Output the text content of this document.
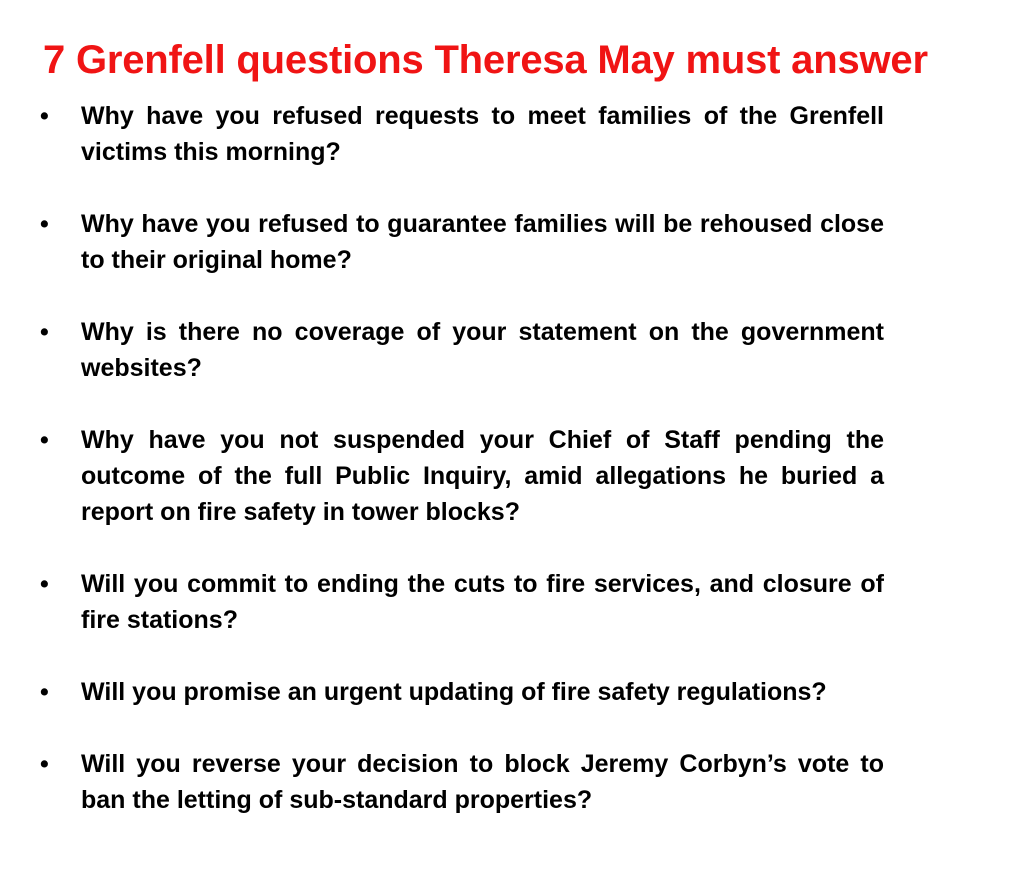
7 Grenfell questions Theresa May must answer
•	Why have you refused requests to meet families of the Grenfell victims this morning?

•	Why have you refused to guarantee families will be rehoused close to their original home?

•	Why is there no coverage of your statement on the government websites?

•	Why have you not suspended your Chief of Staff pending the outcome of the full Public Inquiry, amid allegations he buried a report on fire safety in tower blocks?

•	Will you commit to ending the cuts to fire services, and closure of fire stations?

•	Will you promise an urgent updating of fire safety regulations?

•	Will you reverse your decision to block Jeremy Corbyn’s vote to ban the letting of sub-standard properties?
